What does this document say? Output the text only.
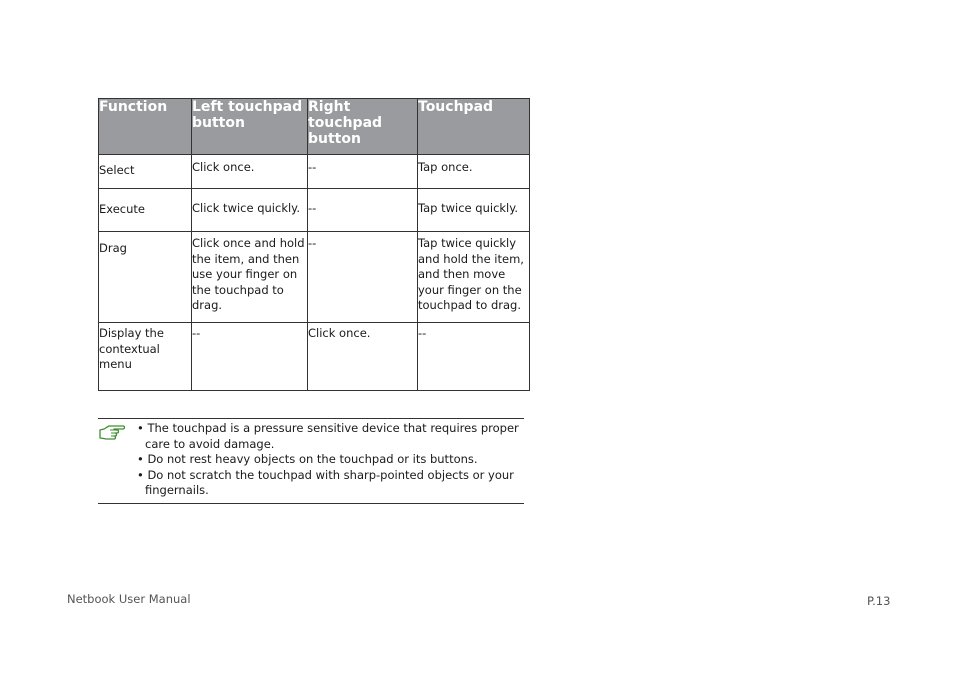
Function	Left touchpad button	Right touchpad button	Touchpad

Select	Click once.	--	Tap once.

Execute	Click twice quickly.	--	Tap twice quickly.

Drag	Click once and hold the item, and then use your finger on the touchpad to drag.	--	Tap twice quickly and hold the item, and then move your finger on the touchpad to drag.

Display the contextual menu	--	Click once.	--
• The touchpad is a pressure sensitive device that requires proper care to avoid damage.
• Do not rest heavy objects on the touchpad or its buttons.
• Do not scratch the touchpad with sharp-pointed objects or your fingernails.
Netbook User Manual	P.13
